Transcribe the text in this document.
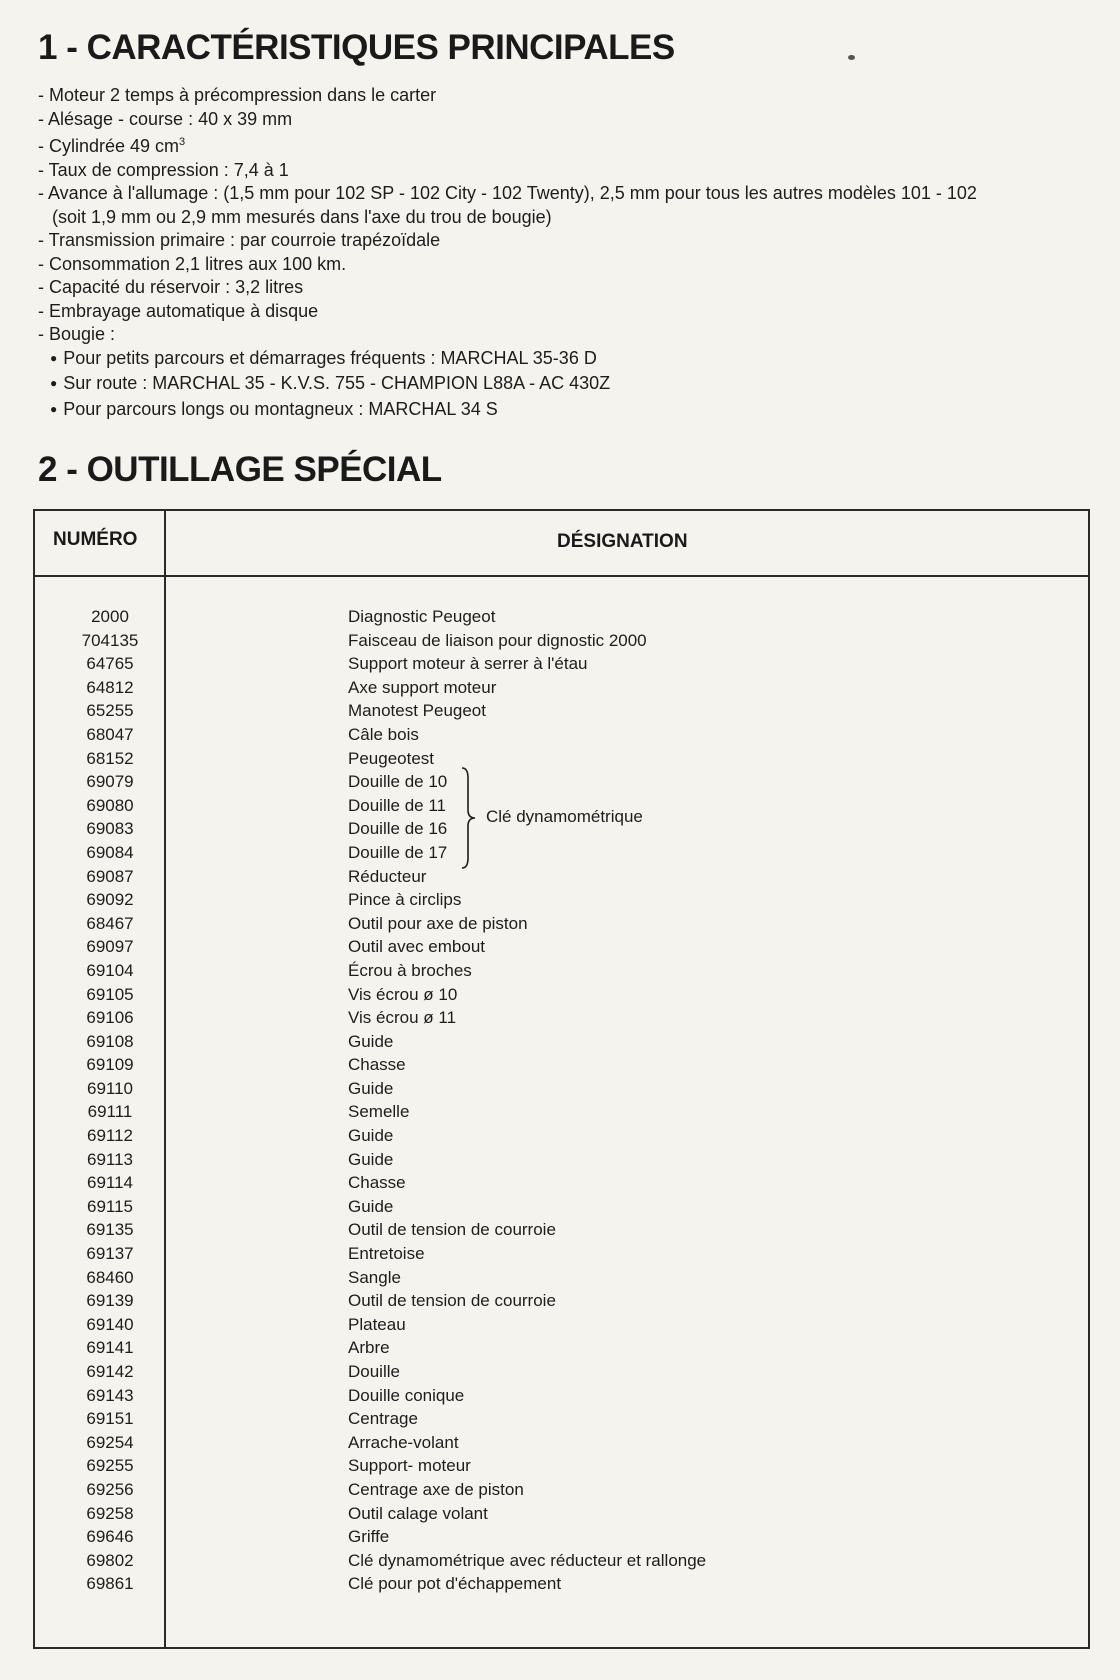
1 - CARACTÉRISTIQUES PRINCIPALES
- Moteur 2 temps à précompression dans le carter
- Alésage - course : 40 x 39 mm
- Cylindrée 49 $cm^3$
- Taux de compression : 7,4 à 1
- Avance à l'allumage : (1,5 mm pour 102 SP - 102 City - 102 Twenty), 2,5 mm pour tous les autres modèles 101 - 102
(soit 1,9 mm ou 2,9 mm mesurés dans l'axe du trou de bougie)
- Transmission primaire : par courroie trapézoïdale
- Consommation 2,1 litres aux 100 km.
- Capacité du réservoir : 3,2 litres
- Embrayage automatique à disque
- Bougie :
● Pour petits parcours et démarrages fréquents : MARCHAL 35-36 D
● Sur route : MARCHAL 35 - K.V.S. 755 - CHAMPION L88A - AC 430Z
● Pour parcours longs ou montagneux : MARCHAL 34 S
2 - OUTILLAGE SPÉCIAL
NUMÉRO	DÉSIGNATION
2000	Diagnostic Peugeot
704135	Faisceau de liaison pour dignostic 2000
64765	Support moteur à serrer à l'étau
64812	Axe support moteur
65255	Manotest Peugeot
68047	Câle bois
68152	Peugeotest
69079	Douille de 10
69080	Douille de 11
69083	Douille de 16
69084	Douille de 17
69087	Réducteur
69092	Pince à circlips
68467	Outil pour axe de piston
69097	Outil avec embout
69104	Écrou à broches
69105	Vis écrou ø 10
69106	Vis écrou ø 11
69108	Guide
69109	Chasse
69110	Guide
69111	Semelle
69112	Guide
69113	Guide
69114	Chasse
69115	Guide
69135	Outil de tension de courroie
69137	Entretoise
68460	Sangle
69139	Outil de tension de courroie
69140	Plateau
69141	Arbre
69142	Douille
69143	Douille conique
69151	Centrage
69254	Arrache-volant
69255	Support- moteur
69256	Centrage axe de piston
69258	Outil calage volant
69646	Griffe
69802	Clé dynamométrique avec réducteur et rallonge
69861	Clé pour pot d'échappement
Clé dynamométrique
